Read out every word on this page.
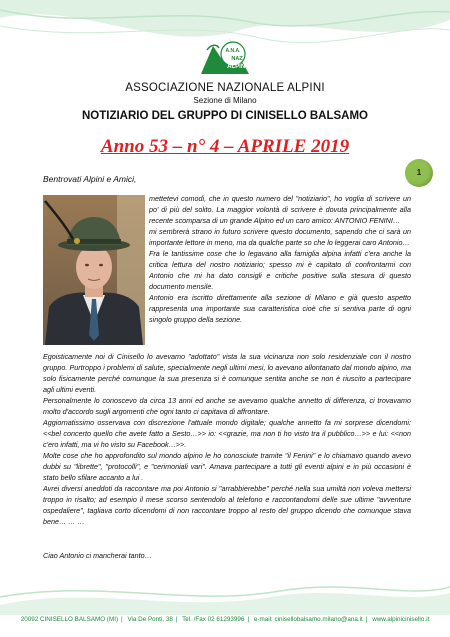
A.N.A.
NAZ
ALPINI
ASSOCIAZIONE NAZIONALE ALPINI
Sezione di Milano
NOTIZIARIO DEL GRUPPO DI CINISELLO BALSAMO
Anno 53 – n° 4 – APRILE 2019
1
Bentrovati Alpini e Amici,

mettetevi comodi, che in questo numero del "notiziario", ho voglia di scrivere un po' di più del solito. La maggior volontà di scrivere è dovuta principalmente alla recente scomparsa di un grande Alpino ed un caro amico: ANTONIO FENINI…

mi sembrerà strano in futuro scrivere questo documento, sapendo che ci sarà un importante lettore in meno, ma da qualche parte so che lo leggerai caro Antonio…

Fra le tantissime cose che lo legavano alla famiglia alpina infatti c'era anche la critica lettura del nostro notiziario; spesso mi è capitato di confrontarmi con Antonio che mi ha dato consigli e critiche positive sulla stesura di questo documento mensile.

Antonio era iscritto direttamente alla sezione di Milano e già questo aspetto rappresenta una importante sua caratteristica cioè che si sentiva parte di ogni singolo gruppo della sezione.

Egoisticamente noi di Cinisello lo avevamo "adottato" vista la sua vicinanza non solo residenziale con il nostro gruppo. Purtroppo i problemi di salute, specialmente negli ultimi mesi, lo avevano allontanato dal mondo alpino, ma solo fisicamente perché comunque la sua presenza si è comunque sentita anche se non è riuscito a partecipare agli ultimi eventi.

Personalmente lo conoscevo da circa 13 anni ed anche se avevamo qualche annetto di differenza, ci trovavamo molto d'accordo sugli argomenti che ogni tanto ci capitava di affrontare.

Aggiornatissimo osservava con discrezione l'attuale mondo digitale; qualche annetto fa mi sorprese dicendomi: <<bel concerto quello che avete fatto a Sesto…>> io: <<grazie, ma non ti ho visto tra il pubblico…>> e lui: <<non c'ero infatti, ma vi ho visto su Facebook…>>.

Molte cose che ho approfondito sul mondo alpino le ho conosciute tramite "il Fenini" e lo chiamavo quando avevo dubbi su "librette", "protocolli", e "cerimoniali vari". Amava partecipare a tutti gli eventi alpini e in più occasioni è stato bello sfilare accanto a lui .

Avrei diversi aneddoti da raccontare ma poi Antonio si "arrabbierebbe" perché nella sua umiltà non voleva mettersi troppo in risalto; ad esempio il mese scorso sentendolo al telefono e raccontandomi delle sue ultime "avventure ospedaliere", tagliava corto dicendomi di non raccontare troppo al resto del gruppo dicendo che comunque stava bene… … …

Ciao Antonio ci mancherai tanto…
20092 CINISELLO BALSAMO (MI) | Via De Ponti, 38 | Tel. /Fax 02 61293996 | e-mail: cinisellobalsamo.milano@ana.it | www.alpinicinisello.it
